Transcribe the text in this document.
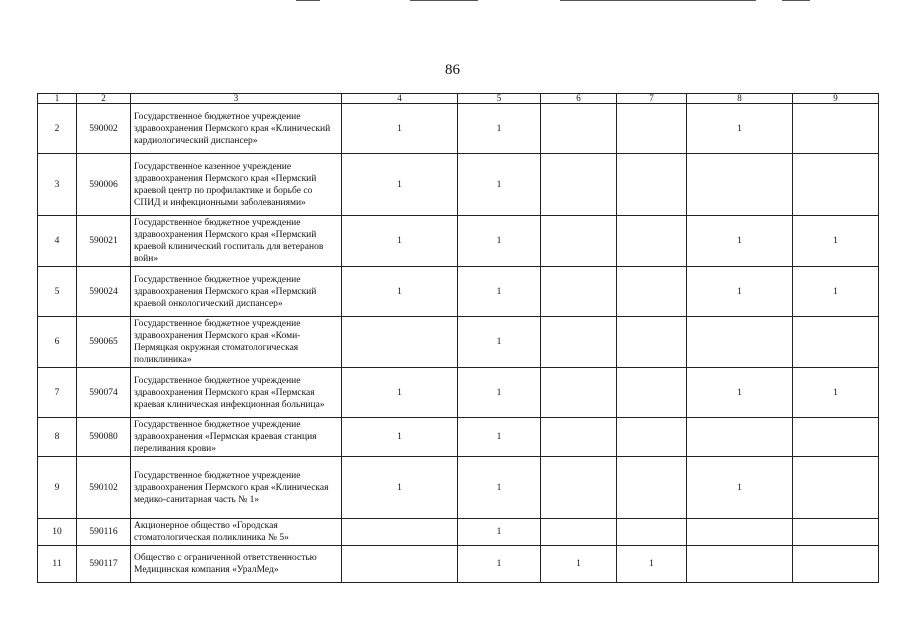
86
1	2	3	4	5	6	7	8	9
2	590002	Государственное бюджетное учреждение здравоохранения Пермского края «Клинический кардиологический диспансер»	1	1			1	
3	590006	Государственное казенное учреждение здравоохранения Пермского края «Пермский краевой центр по профилактике и борьбе со СПИД и инфекционными заболеваниями»	1	1				
4	590021	Государственное бюджетное учреждение здравоохранения Пермского края «Пермский краевой клинический госпиталь для ветеранов войн»	1	1			1	1
5	590024	Государственное бюджетное учреждение здравоохранения Пермского края «Пермский краевой онкологический диспансер»	1	1			1	1
6	590065	Государственное бюджетное учреждение здравоохранения Пермского края «Коми-Пермяцкая окружная стоматологическая поликлиника»		1				
7	590074	Государственное бюджетное учреждение здравоохранения Пермского края «Пермская краевая клиническая инфекционная больница»	1	1			1	1
8	590080	Государственное бюджетное учреждение здравоохранения «Пермская краевая станция переливания крови»	1	1				
9	590102	Государственное бюджетное учреждение здравоохранения Пермского края «Клиническая медико-санитарная часть № 1»	1	1			1	
10	590116	Акционерное общество «Городская стоматологическая поликлиника № 5»		1				
11	590117	Общество с ограниченной ответственностью Медицинская компания «УралМед»		1	1	1		
